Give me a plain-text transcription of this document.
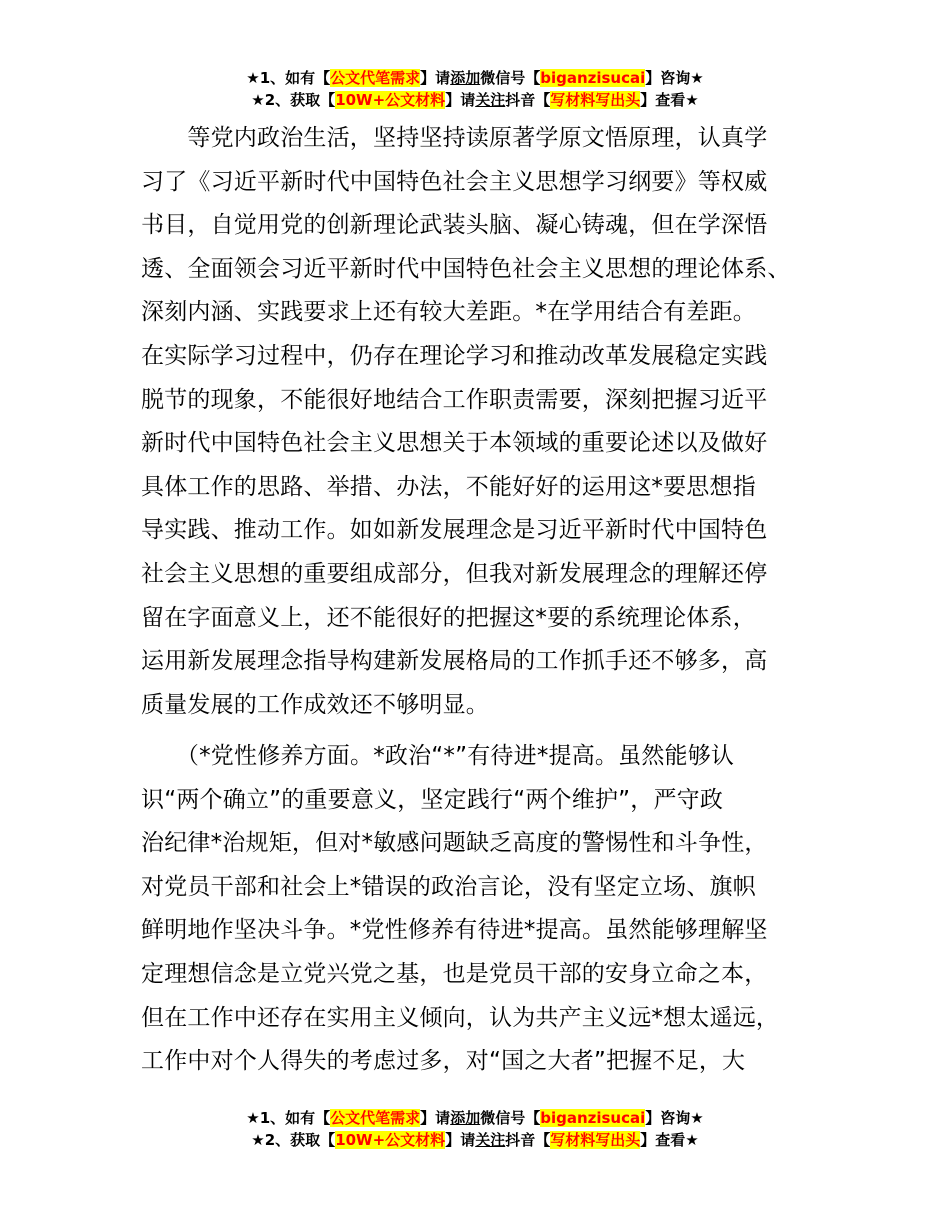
★1、如有【公文代笔需求】请添加微信号【biganzisucai】咨询★
★2、获取【10W+公文材料】请关注抖音【写材料写出头】查看★
　　等党内政治生活，坚持坚持读原著学原文悟原理，认真学
习了《习近平新时代中国特色社会主义思想学习纲要》等权威
书目，自觉用党的创新理论武装头脑、凝心铸魂，但在学深悟
透、全面领会习近平新时代中国特色社会主义思想的理论体系、
深刻内涵、实践要求上还有较大差距。*在学用结合有差距。
在实际学习过程中，仍存在理论学习和推动改革发展稳定实践
脱节的现象，不能很好地结合工作职责需要，深刻把握习近平
新时代中国特色社会主义思想关于本领域的重要论述以及做好
具体工作的思路、举措、办法，不能好好的运用这*要思想指
导实践、推动工作。如如新发展理念是习近平新时代中国特色
社会主义思想的重要组成部分，但我对新发展理念的理解还停
留在字面意义上，还不能很好的把握这*要的系统理论体系，
运用新发展理念指导构建新发展格局的工作抓手还不够多，高
质量发展的工作成效还不够明显。
　　（*党性修养方面。*政治“*”有待进*提高。虽然能够认
识“两个确立”的重要意义，坚定践行“两个维护”，严守政
治纪律*治规矩，但对*敏感问题缺乏高度的警惕性和斗争性，
对党员干部和社会上*错误的政治言论，没有坚定立场、旗帜
鲜明地作坚决斗争。*党性修养有待进*提高。虽然能够理解坚
定理想信念是立党兴党之基，也是党员干部的安身立命之本，
但在工作中还存在实用主义倾向，认为共产主义远*想太遥远，
工作中对个人得失的考虑过多，对“国之大者”把握不足，大
★1、如有【公文代笔需求】请添加微信号【biganzisucai】咨询★
★2、获取【10W+公文材料】请关注抖音【写材料写出头】查看★
